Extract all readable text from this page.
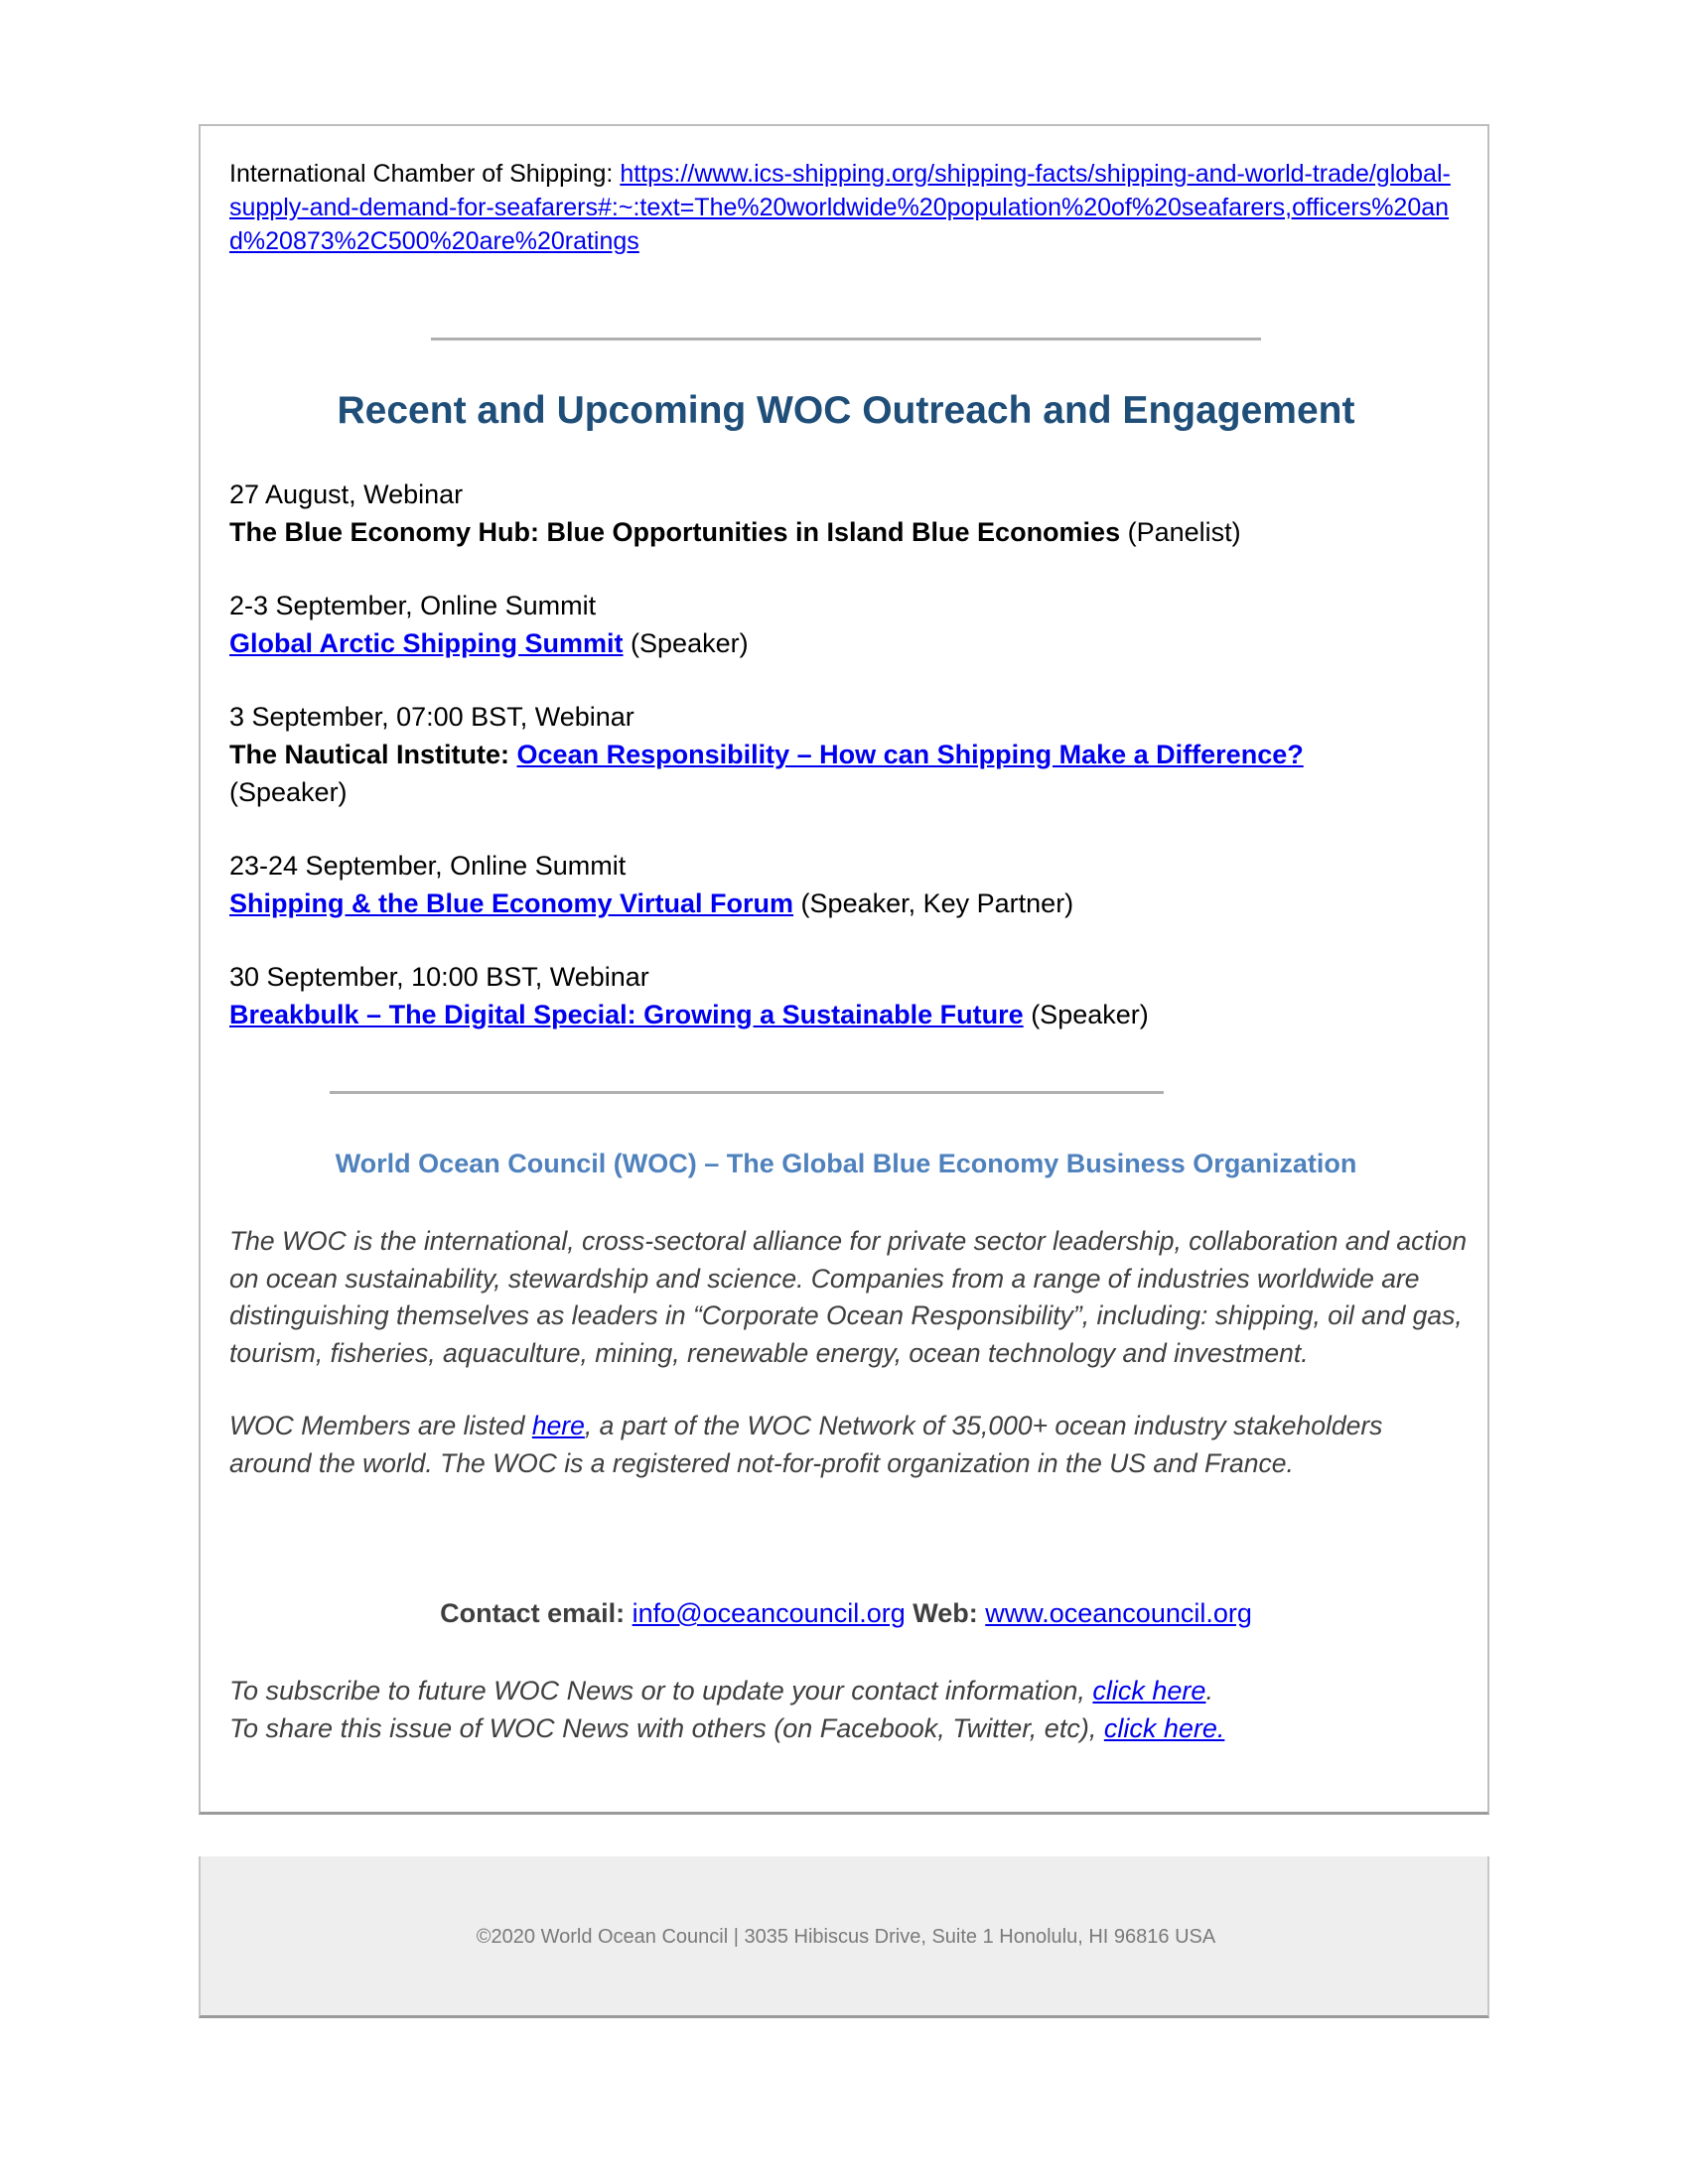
International Chamber of Shipping: https://www.ics-shipping.org/shipping-facts/shipping-and-world-trade/global-supply-and-demand-for-seafarers#:~:text=The%20worldwide%20population%20of%20seafarers,officers%20and%20873%2C500%20are%20ratings

Recent and Upcoming WOC Outreach and Engagement
27 August, Webinar
The Blue Economy Hub: Blue Opportunities in Island Blue Economies (Panelist)
2-3 September, Online Summit
Global Arctic Shipping Summit (Speaker)
3 September, 07:00 BST, Webinar
The Nautical Institute: Ocean Responsibility – How can Shipping Make a Difference?
(Speaker)
23-24 September, Online Summit
Shipping & the Blue Economy Virtual Forum (Speaker, Key Partner)
30 September, 10:00 BST, Webinar
Breakbulk – The Digital Special: Growing a Sustainable Future (Speaker)
World Ocean Council (WOC) – The Global Blue Economy Business Organization

The WOC is the international, cross-sectoral alliance for private sector leadership, collaboration and action on ocean sustainability, stewardship and science. Companies from a range of industries worldwide are distinguishing themselves as leaders in “Corporate Ocean Responsibility”, including: shipping, oil and gas, tourism, fisheries, aquaculture, mining, renewable energy, ocean technology and investment.

WOC Members are listed here, a part of the WOC Network of 35,000+ ocean industry stakeholders around the world. The WOC is a registered not-for-profit organization in the US and France.

Contact email: info@oceancouncil.org Web: www.oceancouncil.org

To subscribe to future WOC News or to update your contact information, click here.

To share this issue of WOC News with others (on Facebook, Twitter, etc), click here.

©2020 World Ocean Council | 3035 Hibiscus Drive, Suite 1 Honolulu, HI 96816 USA
